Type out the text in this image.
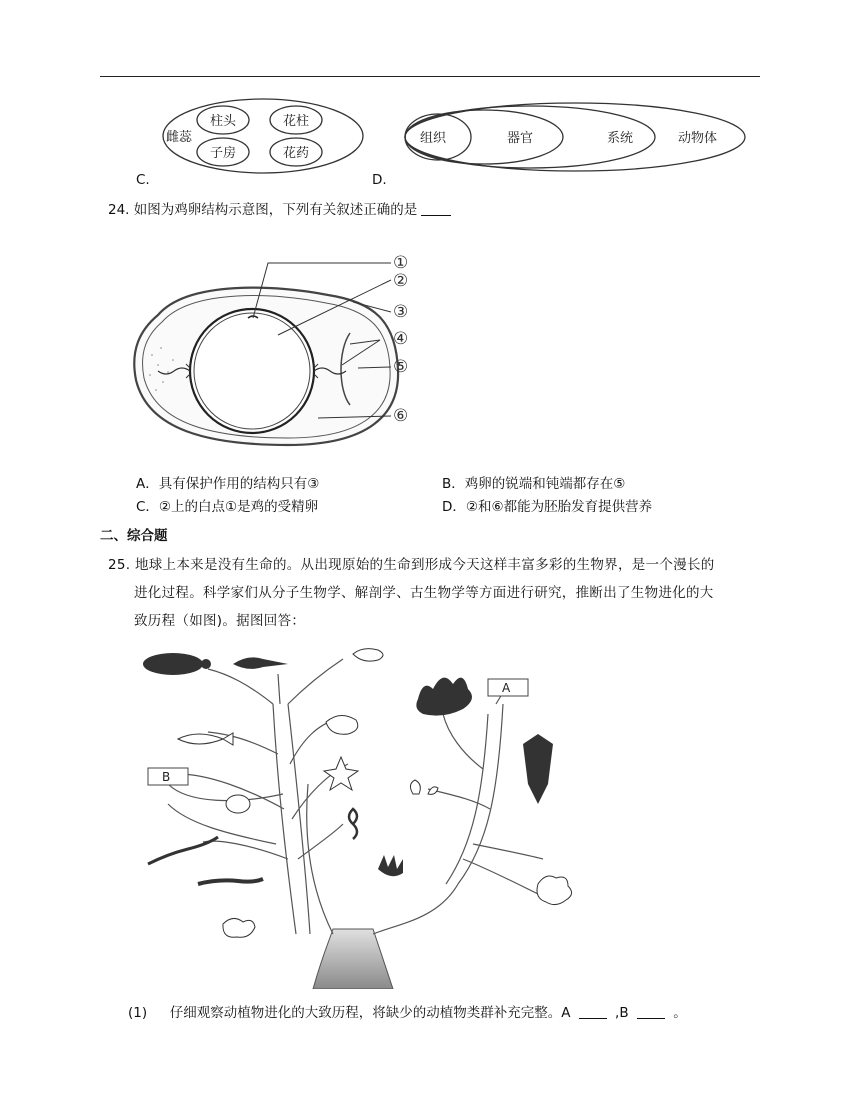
雌蕊
柱头	花柱
子房	花药
C.
组织	器官	系统	动物体
D.
24. 如图为鸡卵结构示意图，下列有关叙述正确的是
①
②
③
④
⑤
⑥
A．具有保护作用的结构只有③	B．鸡卵的锐端和钝端都存在⑤
C．②上的白点①是鸡的受精卵	D．②和⑥都能为胚胎发育提供营养
二、综合题
25. 地球上本来是没有生命的。从出现原始的生命到形成今天这样丰富多彩的生物界，是一个漫长的
进化过程。科学家们从分子生物学、解剖学、古生物学等方面进行研究，推断出了生物进化的大
致历程（如图)。据图回答：
A
B
(1) 仔细观察动植物进化的大致历程，将缺少的动植物类群补充完整。A	,B	。
